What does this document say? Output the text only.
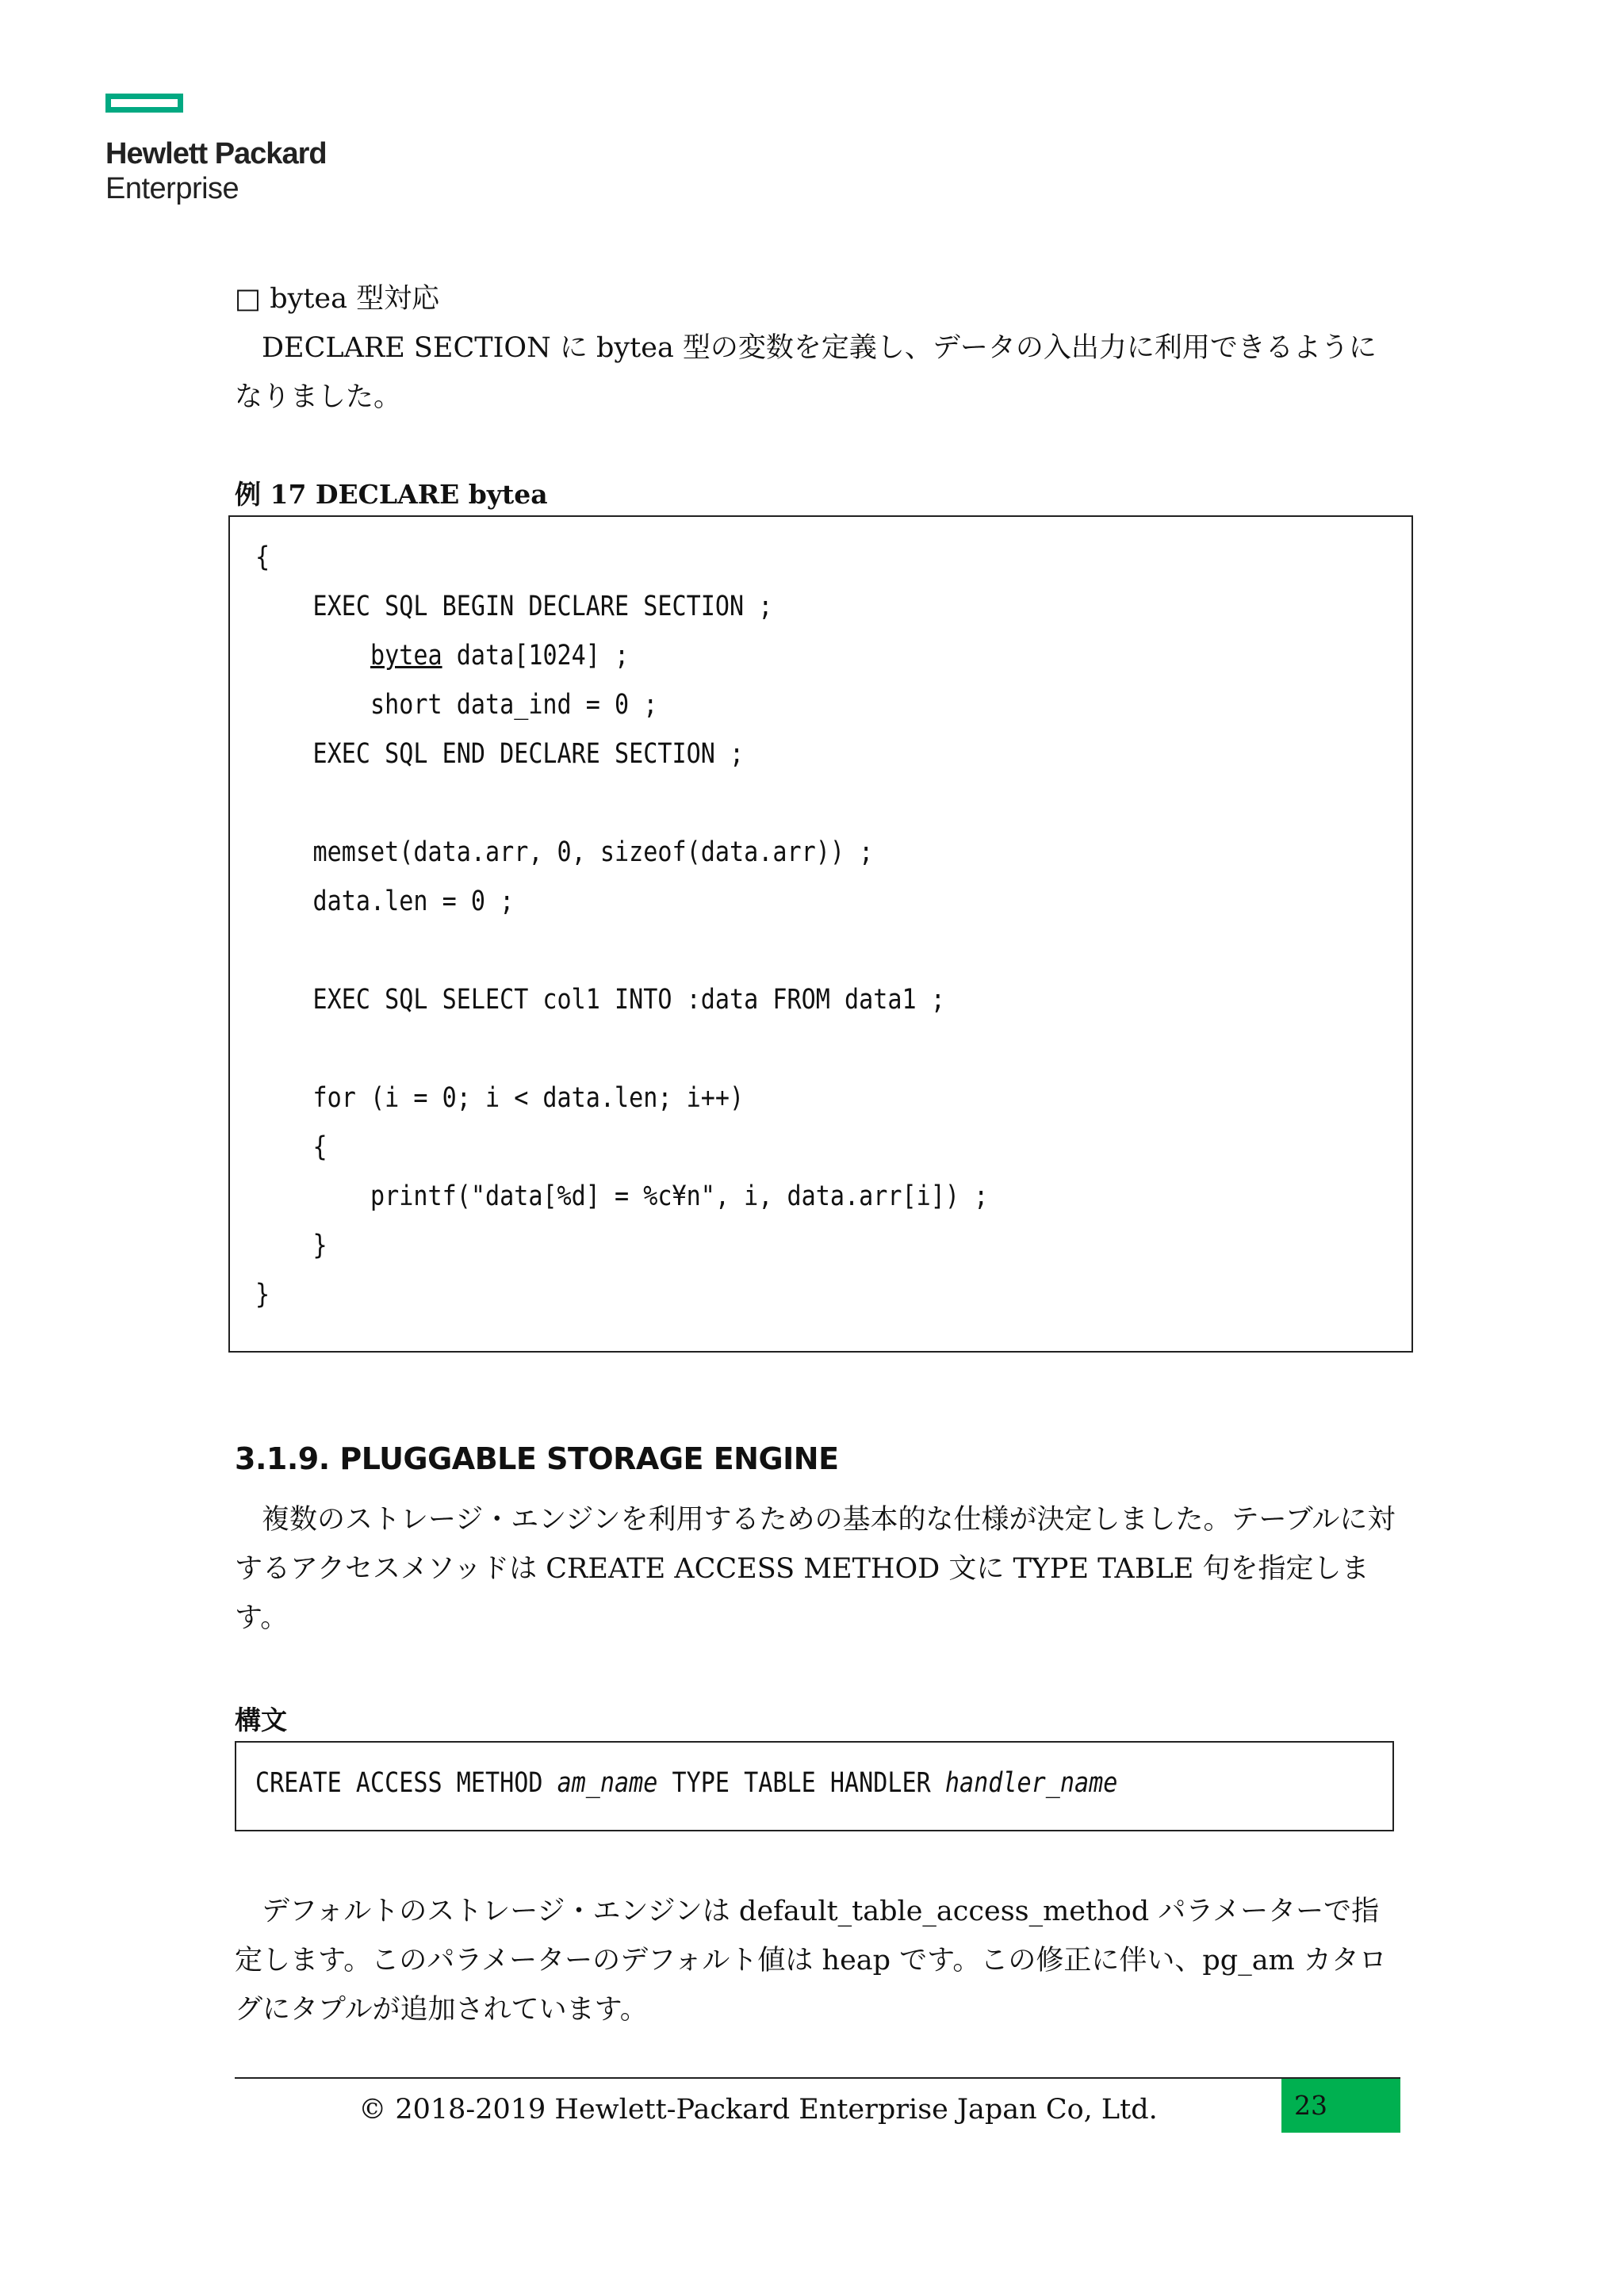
Hewlett Packard
Enterprise

□ bytea 型対応

DECLARE SECTION に bytea 型の変数を定義し、データの入出力に利用できるようになりました。

例 17 DECLARE bytea

{
EXEC SQL BEGIN DECLARE SECTION ;
bytea data[1024] ;
short data_ind = 0 ;
EXEC SQL END DECLARE SECTION ;
memset(data.arr, 0, sizeof(data.arr)) ;
data.len = 0 ;
EXEC SQL SELECT col1 INTO :data FROM data1 ;
for (i = 0; i < data.len; i++)
{
printf("data[%d] = %c¥n", i, data.arr[i]) ;
}
}
3.1.9. PLUGGABLE STORAGE ENGINE

複数のストレージ・エンジンを利用するための基本的な仕様が決定しました。テーブルに対するアクセスメソッドは CREATE ACCESS METHOD 文に TYPE TABLE 句を指定します。

構文

CREATE ACCESS METHOD am_name TYPE TABLE HANDLER handler_name

デフォルトのストレージ・エンジンは default_table_access_method パラメーターで指定します。このパラメーターのデフォルト値は heap です。この修正に伴い、pg_am カタログにタプルが追加されています。

© 2018-2019 Hewlett-Packard Enterprise Japan Co, Ltd.	23
